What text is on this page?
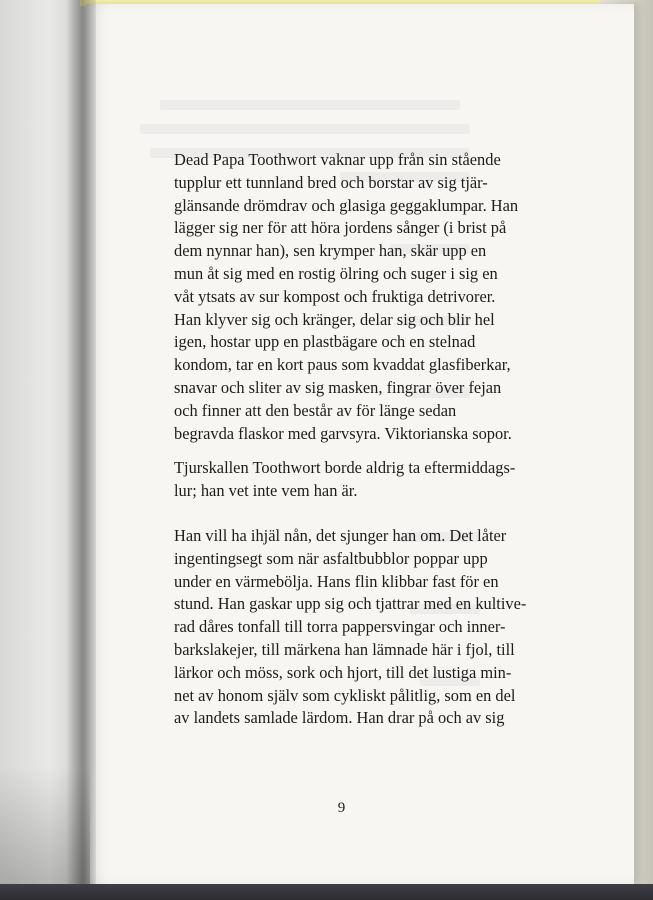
Dead Papa Toothwort vaknar upp från sin stående
tupplur ett tunnland bred och borstar av sig tjär-
glänsande drömdrav och glasiga geggaklumpar. Han
lägger sig ner för att höra jordens sånger (i brist på
dem nynnar han), sen krymper han, skär upp en
mun åt sig med en rostig ölring och suger i sig en
våt ytsats av sur kompost och fruktiga detrivorer.
Han klyver sig och kränger, delar sig och blir hel
igen, hostar upp en plastbägare och en stelnad
kondom, tar en kort paus som kvaddat glasfiberkar,
snavar och sliter av sig masken, fingrar över fejan
och finner att den består av för länge sedan
begravda flaskor med garvsyra. Viktorianska sopor.

Tjurskallen Toothwort borde aldrig ta eftermiddags-
lur; han vet inte vem han är.

Han vill ha ihjäl nån, det sjunger han om. Det låter
ingentingsegt som när asfaltbubblor poppar upp
under en värmebölja. Hans flin klibbar fast för en
stund. Han gaskar upp sig och tjattrar med en kultive-
rad dåres tonfall till torra pappersvingar och inner-
barkslakejer, till märkena han lämnade här i fjol, till
lärkor och möss, sork och hjort, till det lustiga min-
net av honom själv som cykliskt pålitlig, som en del
av landets samlade lärdom. Han drar på och av sig

9
